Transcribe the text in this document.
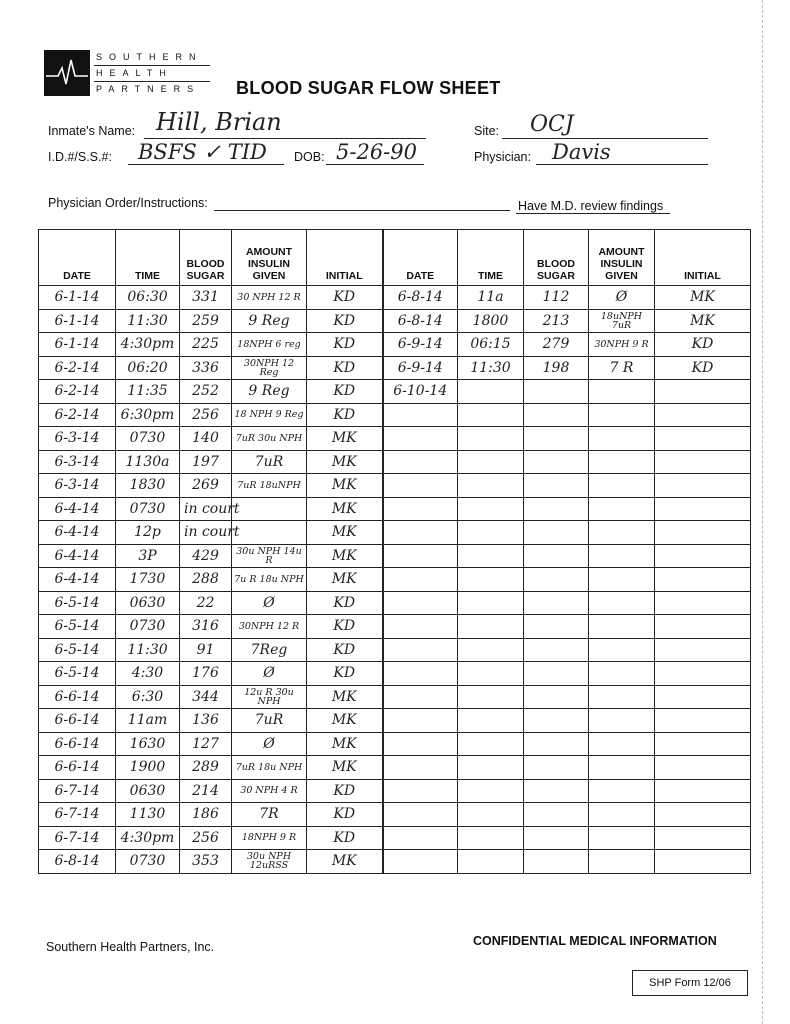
SOUTHERN
HEALTH
PARTNERS	BLOOD SUGAR FLOW SHEET
Inmate's Name: Hill, Brian
I.D.#/S.S.#: BSFS ✓ TID DOB: 5-26-90
Site: OCJ
Physician: Davis
Physician Order/Instructions:	Have M.D. review findings
DATE	TIME	BLOOD SUGAR	AMOUNT INSULIN GIVEN	INITIAL	DATE	TIME	BLOOD SUGAR	AMOUNT INSULIN GIVEN	INITIAL
6-1-14	06:30	331	30 NPH 12 R	KD	6-8-14	11a	112	Ø	MK
6-1-14	11:30	259	9 Reg	KD	6-8-14	1800	213	18uNPH 7uR	MK
6-1-14	4:30pm	225	18NPH 6 reg	KD	6-9-14	06:15	279	30NPH 9 R	KD
6-2-14	06:20	336	30NPH 12 Reg	KD	6-9-14	11:30	198	7 R	KD
6-2-14	11:35	252	9 Reg	KD	6-10-14				
6-2-14	6:30pm	256	18 NPH 9 Reg	KD					
6-3-14	0730	140	7uR 30u NPH	MK					
6-3-14	1130a	197	7uR	MK					
6-3-14	1830	269	7uR 18uNPH	MK					
6-4-14	0730	in court		MK					
6-4-14	12p	in court		MK					
6-4-14	3P	429	30u NPH 14u R	MK					
6-4-14	1730	288	7u R 18u NPH	MK					
6-5-14	0630	22	Ø	KD					
6-5-14	0730	316	30NPH 12 R	KD					
6-5-14	11:30	91	7Reg	KD					
6-5-14	4:30	176	Ø	KD					
6-6-14	6:30	344	12u R 30u NPH	MK					
6-6-14	11am	136	7uR	MK					
6-6-14	1630	127	Ø	MK					
6-6-14	1900	289	7uR 18u NPH	MK					
6-7-14	0630	214	30 NPH 4 R	KD					
6-7-14	1130	186	7R	KD					
6-7-14	4:30pm	256	18NPH 9 R	KD					
6-8-14	0730	353	30u NPH 12uRSS	MK					
Southern Health Partners, Inc.	CONFIDENTIAL MEDICAL INFORMATION
SHP Form 12/06
